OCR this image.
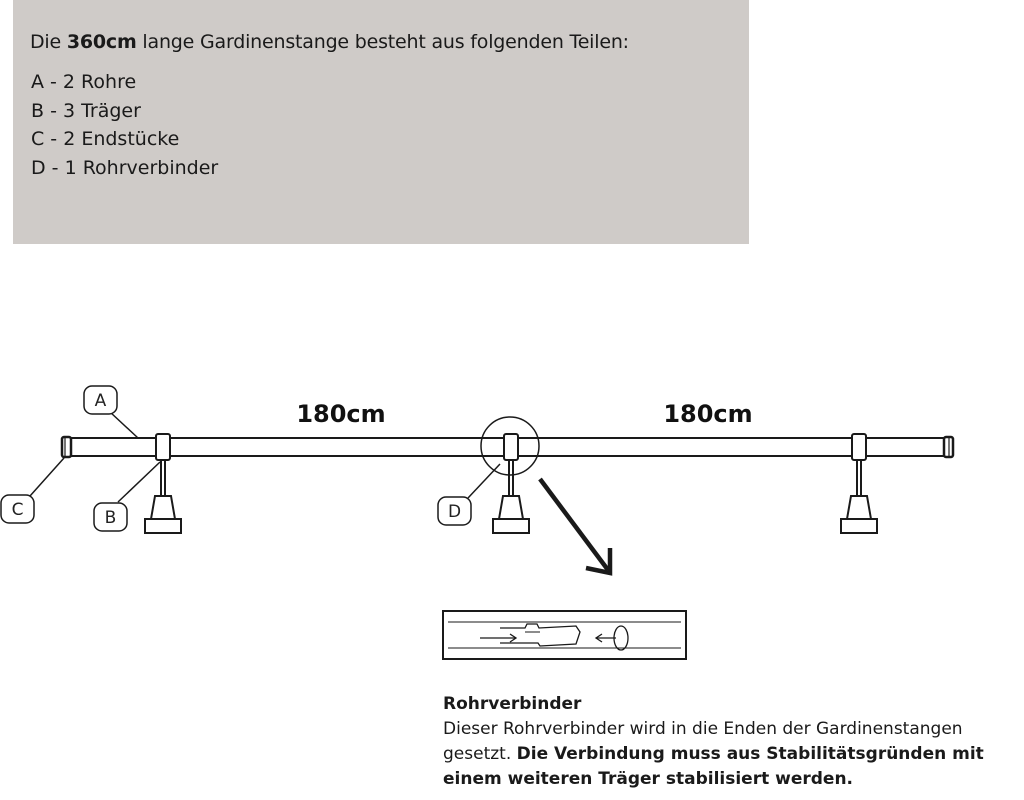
Die 360cm lange Gardinenstange besteht aus folgenden Teilen:
A - 2 Rohre
B - 3 Träger
C - 2 Endstücke
D - 1 Rohrverbinder
180cm	180cm
A
B
C	D
Rohrverbinder
Dieser Rohrverbinder wird in die Enden der Gardinenstangen
gesetzt. Die Verbindung muss aus Stabilitätsgründen mit
einem weiteren Träger stabilisiert werden.
